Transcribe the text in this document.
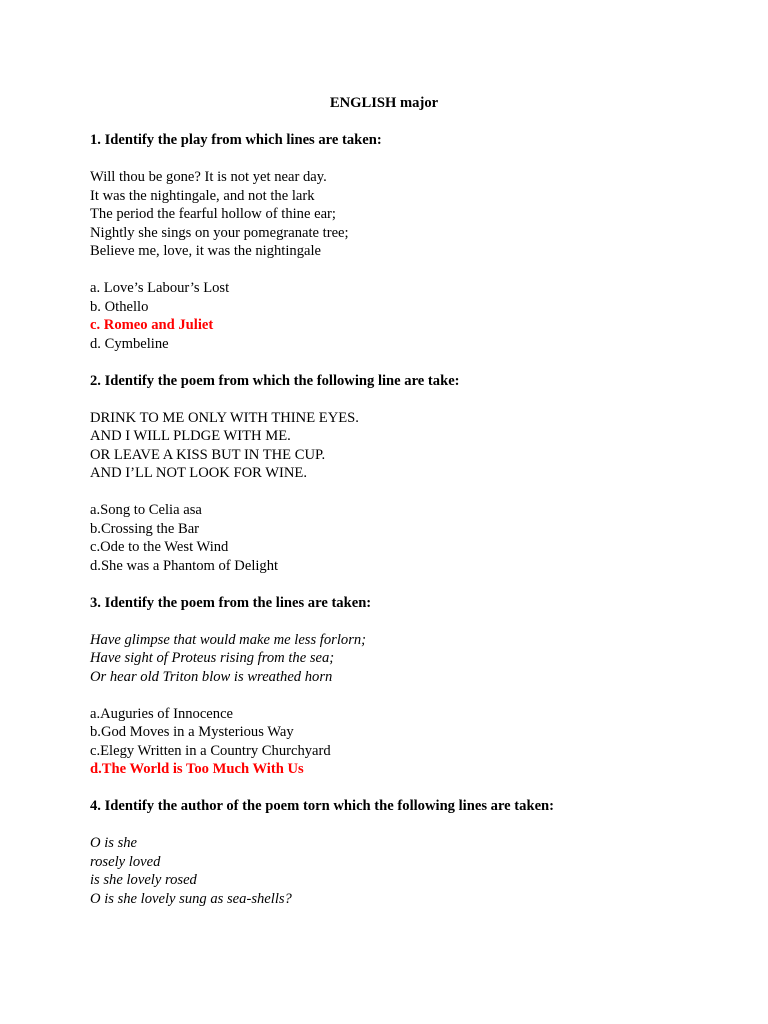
ENGLISH major
1. Identify the play from which lines are taken:
Will thou be gone? It is not yet near day.
It was the nightingale, and not the lark
The period the fearful hollow of thine ear;
Nightly she sings on your pomegranate tree;
Believe me, love, it was the nightingale
a. Love’s Labour’s Lost
b. Othello
c. Romeo and Juliet
d. Cymbeline
2. Identify the poem from which the following line are take:
DRINK TO ME ONLY WITH THINE EYES.
AND I WILL PLDGE WITH ME.
OR LEAVE A KISS BUT IN THE CUP.
AND I’LL NOT LOOK FOR WINE.
a.Song to Celia asa
b.Crossing the Bar
c.Ode to the West Wind
d.She was a Phantom of Delight
3. Identify the poem from the lines are taken:
Have glimpse that would make me less forlorn;
Have sight of Proteus rising from the sea;
Or hear old Triton blow is wreathed horn
a.Auguries of Innocence
b.God Moves in a Mysterious Way
c.Elegy Written in a Country Churchyard
d.The World is Too Much With Us
4. Identify the author of the poem torn which the following lines are taken:
O is she
rosely loved
is she lovely rosed
O is she lovely sung as sea-shells?
